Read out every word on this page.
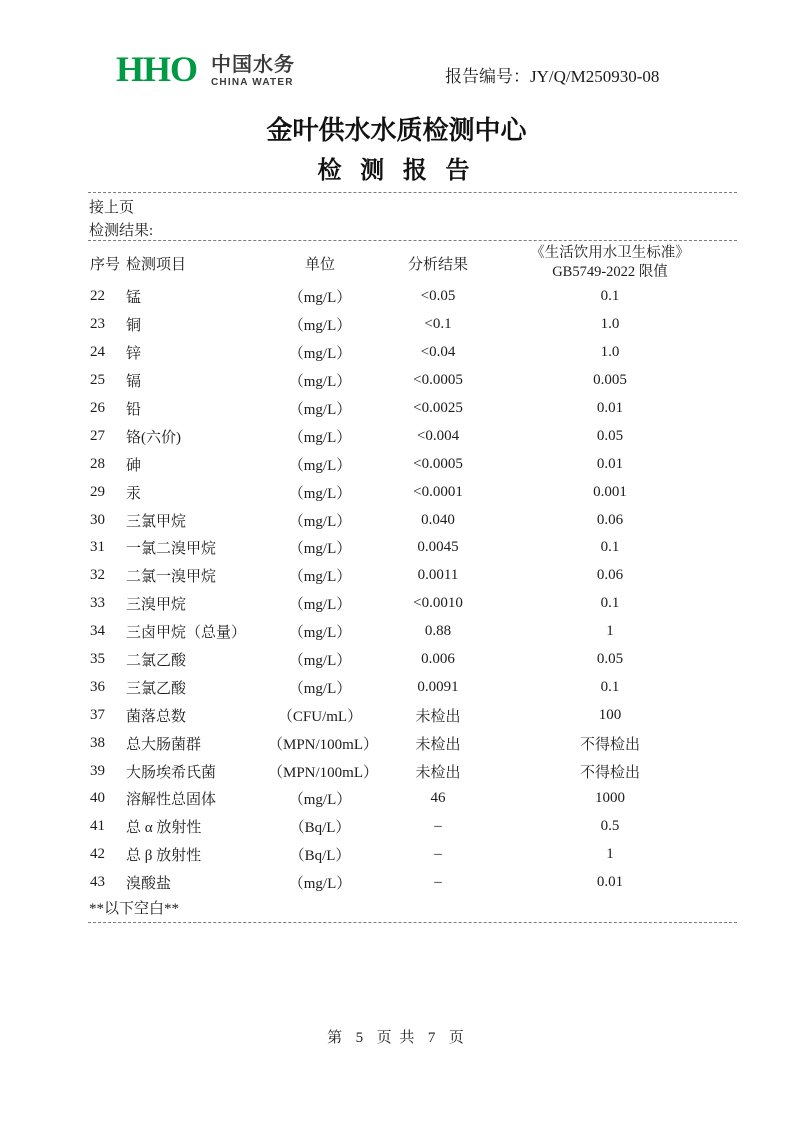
HHO 中国水务
CHINA WATER	报告编号：JY/Q/M250930-08
金叶供水水质检测中心
检 测 报 告
接上页
检测结果:
序号 检测项目	单位	分析结果
《生活饮用水卫生标准》
GB5749-2022 限值
22	锰	（mg/L）	<0.05	0.1
23	铜	（mg/L）	<0.1	1.0
24	锌	（mg/L）	<0.04	1.0
25	镉	（mg/L）	<0.0005	0.005
26	铅	（mg/L）	<0.0025	0.01
27	铬(六价)	（mg/L）	<0.004	0.05
28	砷	（mg/L）	<0.0005	0.01
29	汞	（mg/L）	<0.0001	0.001
30	三氯甲烷	（mg/L）	0.040	0.06
31	一氯二溴甲烷	（mg/L）	0.0045	0.1
32	二氯一溴甲烷	（mg/L）	0.0011	0.06
33	三溴甲烷	（mg/L）	<0.0010	0.1
34	三卤甲烷（总量）	（mg/L）	0.88	1
35	二氯乙酸	（mg/L）	0.006	0.05
36	三氯乙酸	（mg/L）	0.0091	0.1
37	菌落总数	（CFU/mL）	未检出	100
38	总大肠菌群	（MPN/100mL）	未检出	不得检出
39	大肠埃希氏菌	（MPN/100mL）	未检出	不得检出
40	溶解性总固体	（mg/L）	46	1000
41	总 α 放射性	（Bq/L）	–	0.5
42	总 β 放射性	（Bq/L）	–	1
43	溴酸盐	（mg/L）	–	0.01
**以下空白**
第  5  页 共  7  页
